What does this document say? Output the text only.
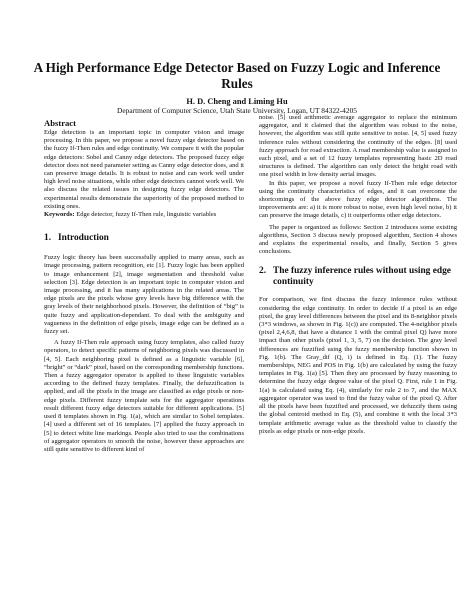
A High Performance Edge Detector Based on Fuzzy Logic and Inference Rules
H. D. Cheng and Liming Hu
Department of Computer Science, Utah State University, Logan, UT 84322-4205
Abstract

Edge detection is an important topic in computer vision and image processing. In this paper, we propose a novel fuzzy edge detector based on the fuzzy If-Then rules and edge continuity. We compare it with the popular edge detectors: Sobel and Canny edge detectors. The proposed fuzzy edge detector does not need parameter setting as Canny edge detector does, and it can preserve image details. It is robust to noise and can work well under high level noise situations, while other edge detectors cannot work well. We also discuss the related issues in designing fuzzy edge detectors. The experimental results demonstrate the superiority of the proposed method to existing ones.

Keywords: Edge detector, fuzzy If-Then rule, linguistic variables

1. Introduction

Fuzzy logic theory has been successfully applied to many areas, such as image processing, pattern recognition, etc [1]. Fuzzy logic has been applied to image enhancement [2], image segmentation and threshold value selection [3]. Edge detection is an important topic in computer vision and image processing, and it has many applications in the related areas. The edge pixels are the pixels whose grey levels have big difference with the gray levels of their neighborhood pixels. However, the definition of “big” is quite fuzzy and application-dependant. To deal with the ambiguity and vagueness in the definition of edge pixels, image edge can be defined as a fuzzy set.

A fuzzy If-Then rule approach using fuzzy templates, also called fuzzy operators, to detect specific patterns of neighboring pixels was discussed in [4, 5]. Each neighboring pixel is defined as a linguistic variable [6], “bright” or “dark” pixel, based on the corresponding membership functions. Then a fuzzy aggregator operator is applied to these linguistic variables according to the defined fuzzy templates. Finally, the defuzzification is applied, and all the pixels in the image are classified as edge pixels or non-edge pixels. Different fuzzy template sets for the aggregator operations result different fuzzy edge detectors suitable for different applications. [5] used 8 templates shown in Fig. 1(a), which are similar to Sobel templates. [4] used a different set of 16 templates. [7] applied the fuzzy approach in [5] to detect white line markings. People also tried to use the combinations of aggregator operators to smooth the noise, however these approaches are still quite sensitive to different kind of

noise. [5] used arithmetic average aggregator to replace the minimum aggregator, and it claimed that the algorithm was robust to the noise, however, the algorithm was still quite sensitive to noise. [4, 5] used fuzzy inference rules without considering the continuity of the edges. [8] used fuzzy approach for road extraction. A road membership value is assigned to each pixel, and a set of 12 fuzzy templates representing basic 2D road structures is defined. The algorithm can only detect the bright road with one pixel width in low density aerial images.

In this paper, we propose a novel fuzzy If-Then rule edge detector using the continuity characteristics of edges, and it can overcome the shortcomings of the above fuzzy edge detector algorithms. The improvements are: a) it is more robust to noise, even high level noise, b) it can preserve the image details, c) it outperforms other edge detectors.

The paper is organized as follows: Section 2 introduces some existing algorithms, Section 3 discuss newly proposed algorithm, Section 4 shows and explains the experimental results, and finally, Section 5 gives conclusions.

2. The fuzzy inference rules without using edge continuity

For comparison, we first discuss the fuzzy inference rules without considering the edge continuity. In order to decide if a pixel is an edge pixel, the gray level differences between the pixel and its 8-neighbor pixels (3*3 windows, as shown in Fig. 1(c)) are computed. The 4-neighbor pixels (pixel 2,4,6,8, that have a distance 1 with the central pixel Q) have more impact than other pixels (pixel 1, 3, 5, 7) on the decision. The gray level differences are fuzzified using the fuzzy membership function shown in Fig. 1(b). The Gray_dif (Q, i) is defined in Eq. (1). The fuzzy memberships, NEG and POS in Fig. 1(b) are calculated by using the fuzzy templates in Fig. 1(a) [5]. Then they are processed by fuzzy reasoning to determine the fuzzy edge degree value of the pixel Q. First, rule 1 in Fig. 1(a) is calculated using Eq. (4), similarly for rule 2 to 7, and the MAX aggregator operator was used to find the fuzzy value of the pixel Q. After all the pixels have been fuzzified and processed, we defuzzify them using the global centroid method in Eq. (5), and combine it with the local 3*3 template arithmetic average value as the threshold value to classify the pixels as edge pixels or non-edge pixels.
